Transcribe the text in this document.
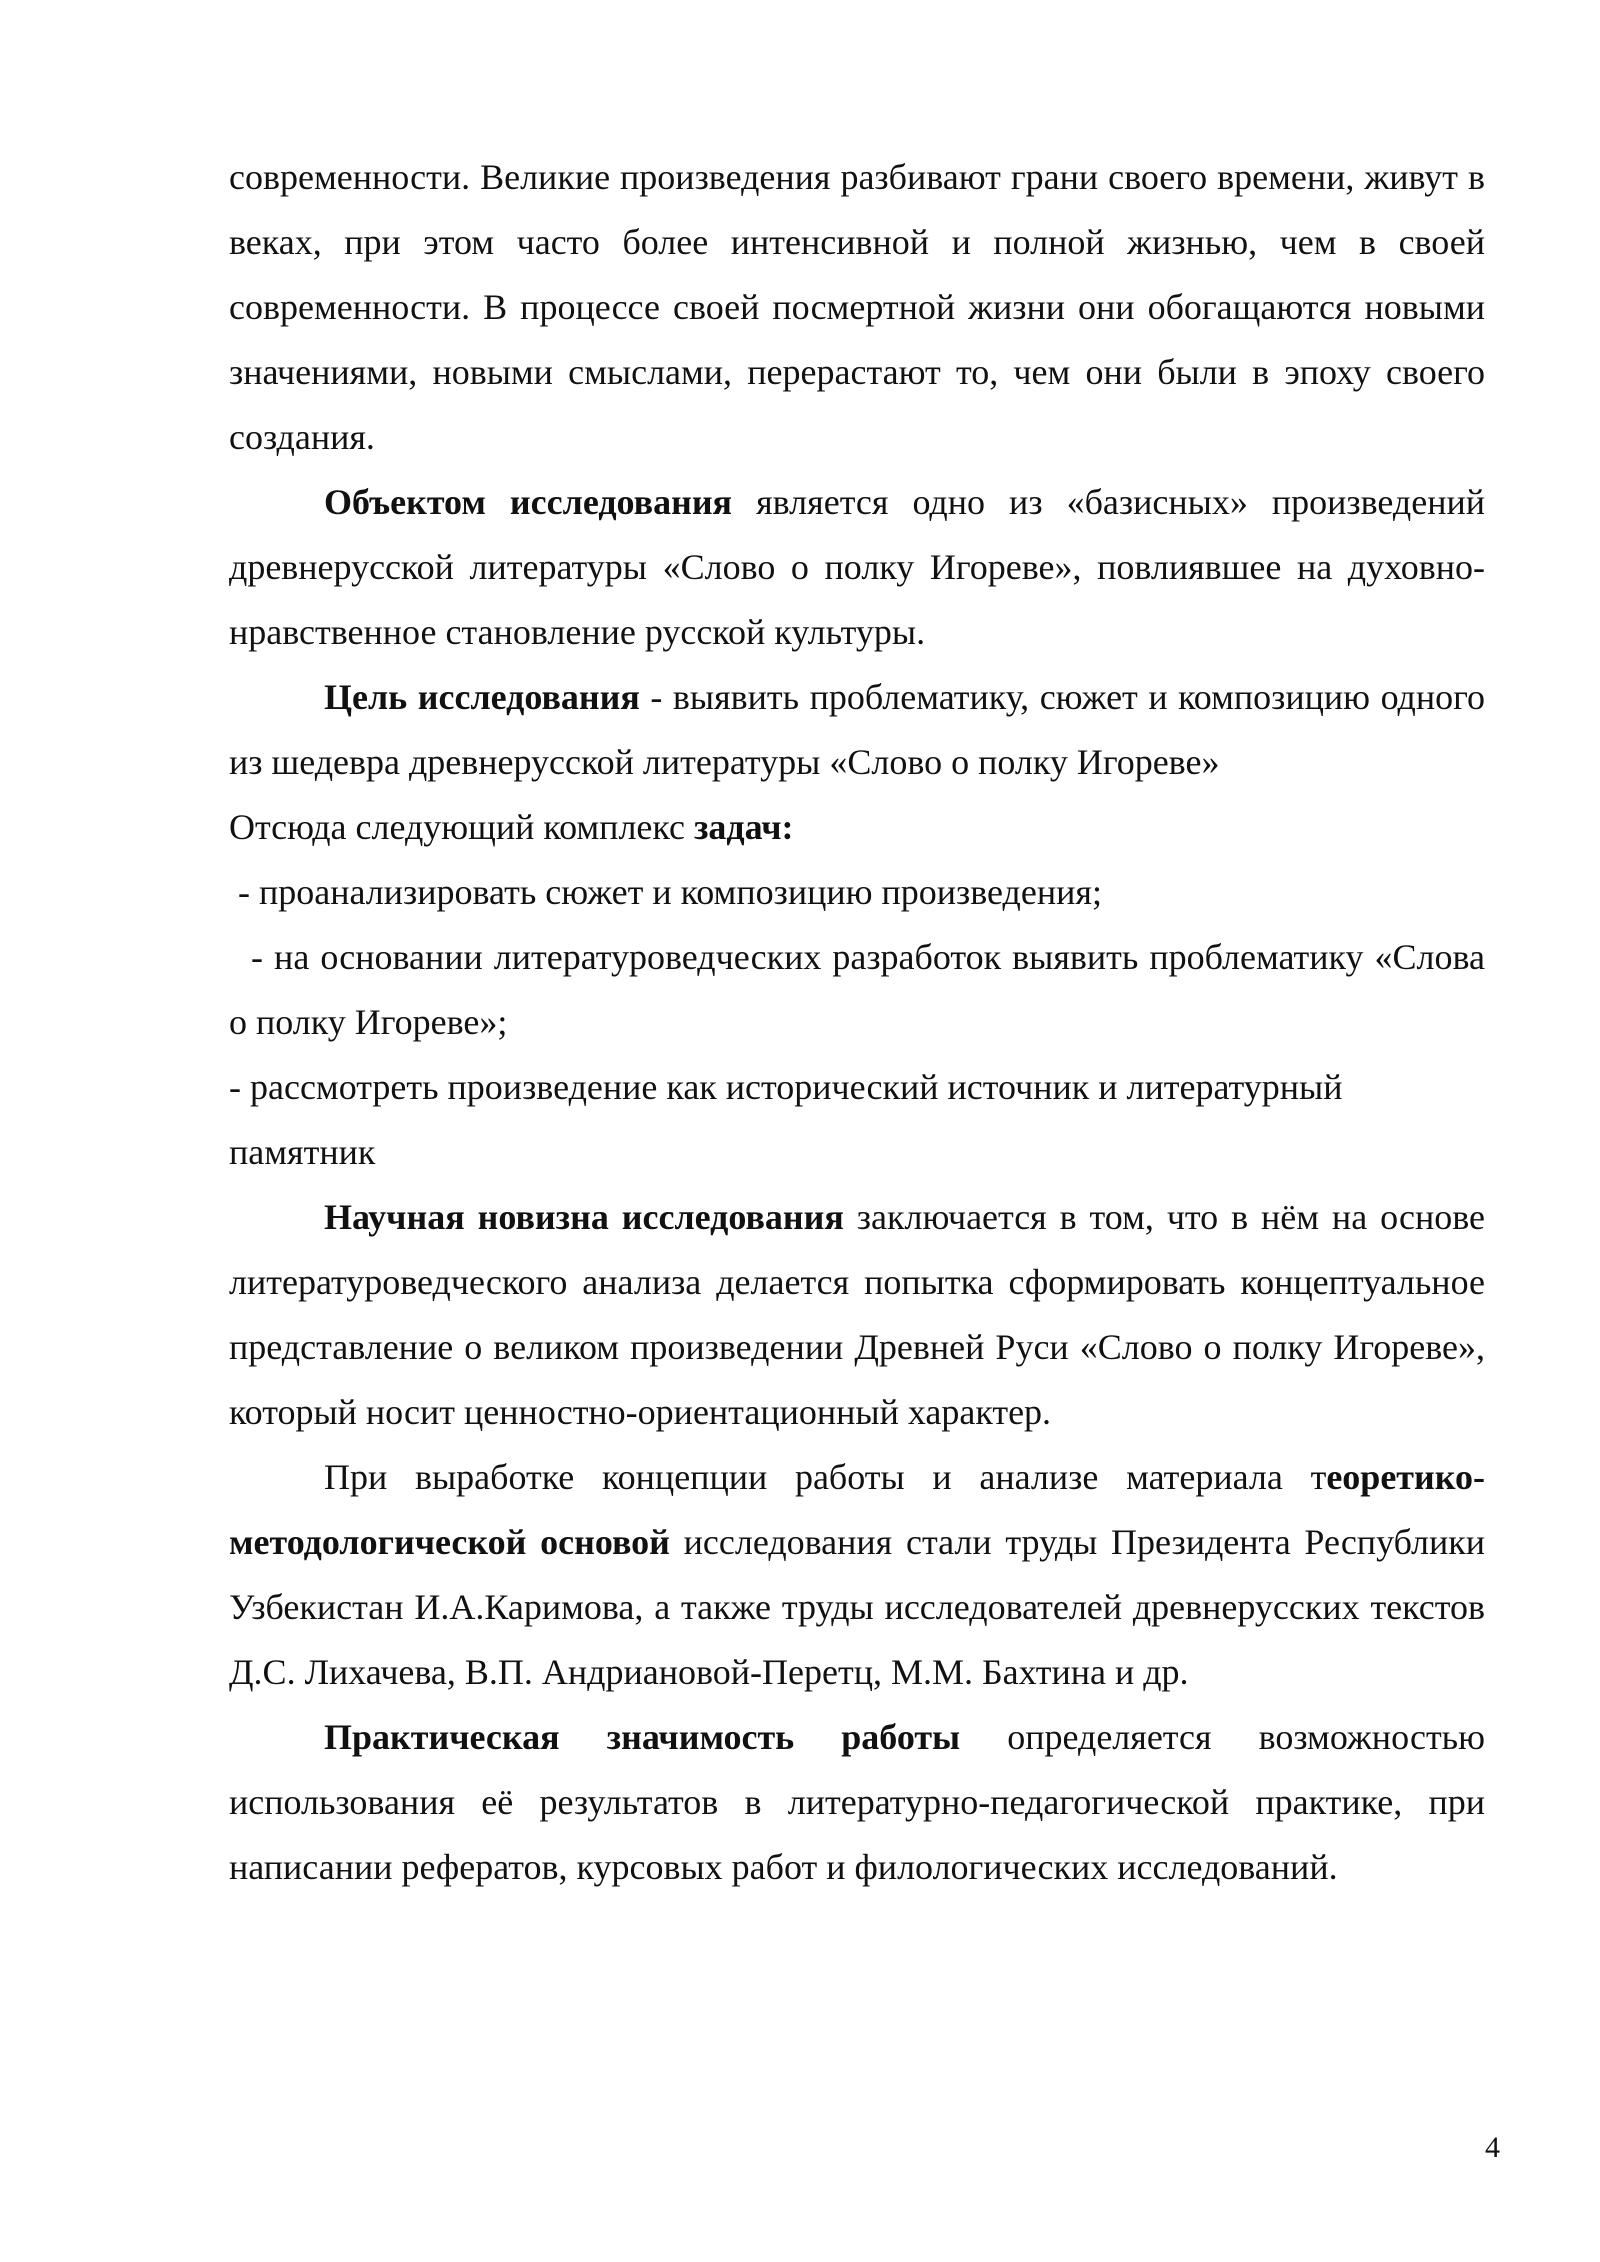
современности. Великие произведения разбивают грани своего времени, живут в веках, при этом часто более интенсивной и полной жизнью, чем в своей современности. В процессе своей посмертной жизни они обогащаются новыми значениями, новыми смыслами, перерастают то, чем они были в эпоху своего создания.

Объектом исследования является одно из «базисных» произведений древнерусской литературы «Слово о полку Игореве», повлиявшее на духовно-нравственное становление русской культуры.

Цель исследования - выявить проблематику, сюжет и композицию одного из шедевра древнерусской литературы «Слово о полку Игореве»

Отсюда следующий комплекс задач:

- проанализировать сюжет и композицию произведения;

- на основании литературоведческих разработок выявить проблематику «Слова о полку Игореве»;

- рассмотреть произведение как исторический источник и литературный памятник

Научная новизна исследования заключается в том, что в нём на основе литературоведческого анализа делается попытка сформировать концептуальное представление о великом произведении Древней Руси «Слово о полку Игореве», который носит ценностно-ориентационный характер.

При выработке концепции работы и анализе материала теоретико-методологической основой исследования стали труды Президента Республики Узбекистан И.А.Каримова, а также труды исследователей древнерусских текстов Д.С. Лихачева, В.П. Андриановой-Перетц, М.М. Бахтина и др.

Практическая значимость работы определяется возможностью использования её результатов в литературно-педагогической практике, при написании рефератов, курсовых работ и филологических исследований.

4
